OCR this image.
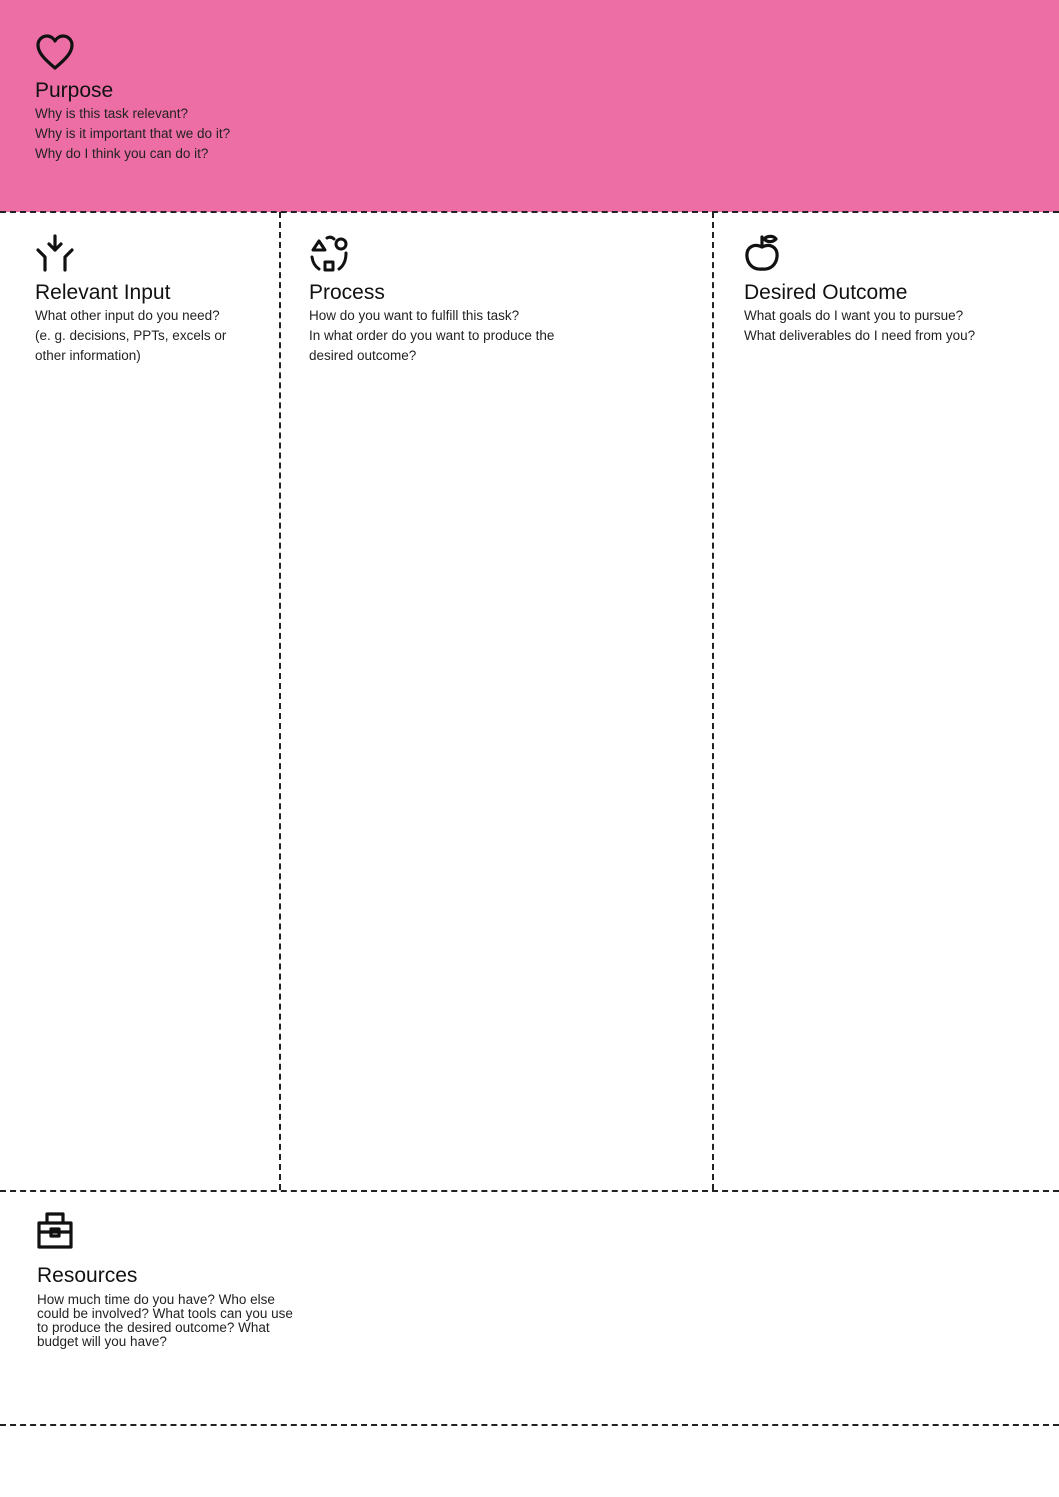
Purpose
Why is this task relevant?
Why is it important that we do it?
Why do I think you can do it?
Relevant Input
What other input do you need?
(e. g. decisions, PPTs, excels or
other information)
Process
How do you want to fulfill this task?
In what order do you want to produce the
desired outcome?
Desired Outcome
What goals do I want you to pursue?
What deliverables do I need from you?
Resources
How much time do you have? Who else
could be involved? What tools can you use
to produce the desired outcome? What
budget will you have?
